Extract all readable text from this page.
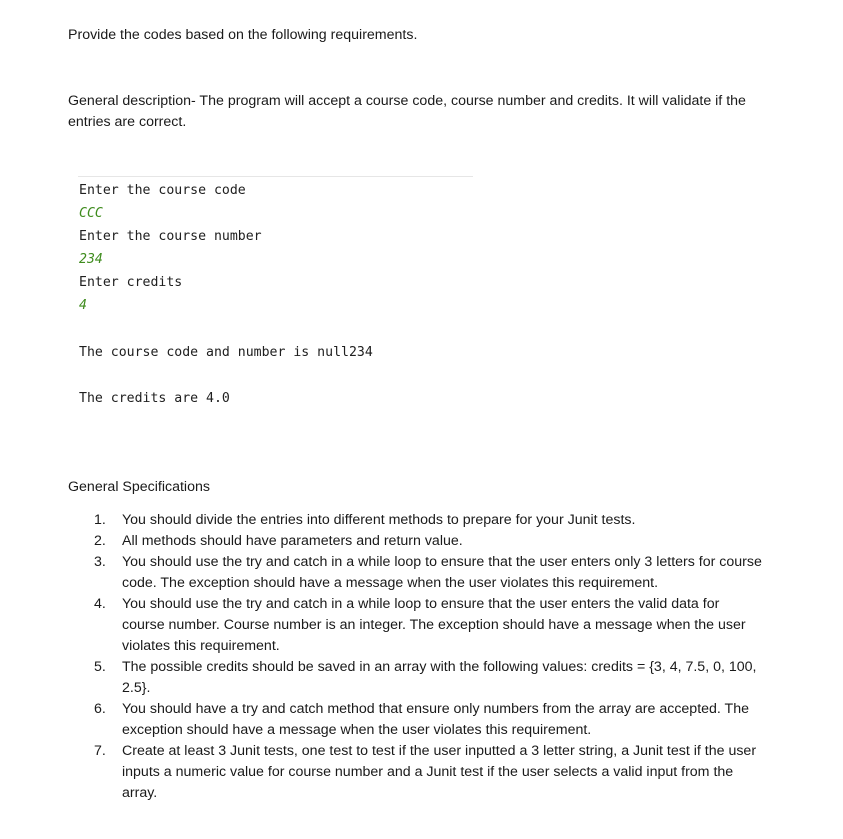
Provide the codes based on the following requirements.

General description- The program will accept a course code, course number and credits. It will validate if the entries are correct.

Enter the course code
CCC
Enter the course number
234
Enter credits
4
The course code and number is null234
The credits are 4.0

General Specifications

1. You should divide the entries into different methods to prepare for your Junit tests.
2. All methods should have parameters and return value.
3. You should use the try and catch in a while loop to ensure that the user enters only 3 letters for course code. The exception should have a message when the user violates this requirement.
4. You should use the try and catch in a while loop to ensure that the user enters the valid data for course number. Course number is an integer. The exception should have a message when the user violates this requirement.
5. The possible credits should be saved in an array with the following values: credits = {3, 4, 7.5, 0, 100, 2.5}.
6. You should have a try and catch method that ensure only numbers from the array are accepted. The exception should have a message when the user violates this requirement.
7. Create at least 3 Junit tests, one test to test if the user inputted a 3 letter string, a Junit test if the user inputs a numeric value for course number and a Junit test if the user selects a valid input from the array.
